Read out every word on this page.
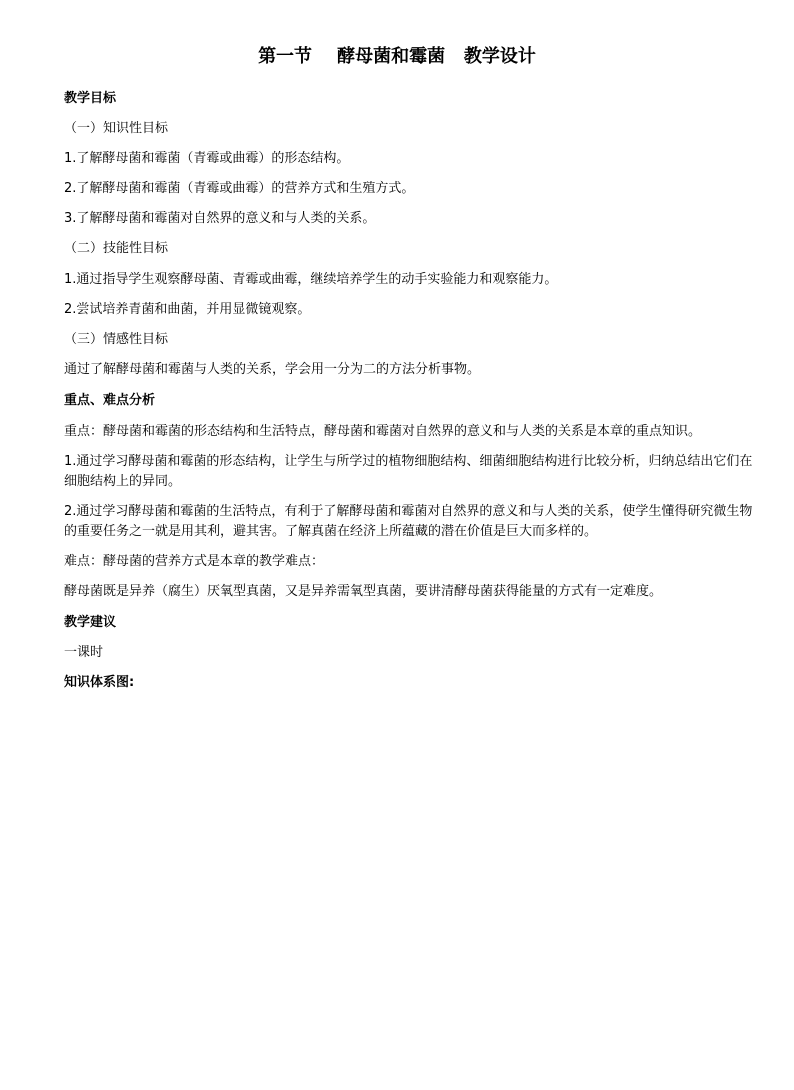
第一节    酵母菌和霉菌   教学设计
教学目标
（一）知识性目标
1.了解酵母菌和霉菌（青霉或曲霉）的形态结构。
2.了解酵母菌和霉菌（青霉或曲霉）的营养方式和生殖方式。
3.了解酵母菌和霉菌对自然界的意义和与人类的关系。
（二）技能性目标
1.通过指导学生观察酵母菌、青霉或曲霉，继续培养学生的动手实验能力和观察能力。
2.尝试培养青菌和曲菌，并用显微镜观察。
（三）情感性目标
通过了解酵母菌和霉菌与人类的关系，学会用一分为二的方法分析事物。
重点、难点分析
重点：酵母菌和霉菌的形态结构和生活特点，酵母菌和霉菌对自然界的意义和与人类的关系是本章的重点知识。
1.通过学习酵母菌和霉菌的形态结构，让学生与所学过的植物细胞结构、细菌细胞结构进行比较分析，归纳总结出它们在细胞结构上的异同。
2.通过学习酵母菌和霉菌的生活特点，有利于了解酵母菌和霉菌对自然界的意义和与人类的关系，使学生懂得研究微生物的重要任务之一就是用其利，避其害。了解真菌在经济上所蕴藏的潜在价值是巨大而多样的。
难点：酵母菌的营养方式是本章的教学难点：
酵母菌既是异养（腐生）厌氧型真菌，又是异养需氧型真菌，要讲清酵母菌获得能量的方式有一定难度。
教学建议
一课时
知识体系图:
